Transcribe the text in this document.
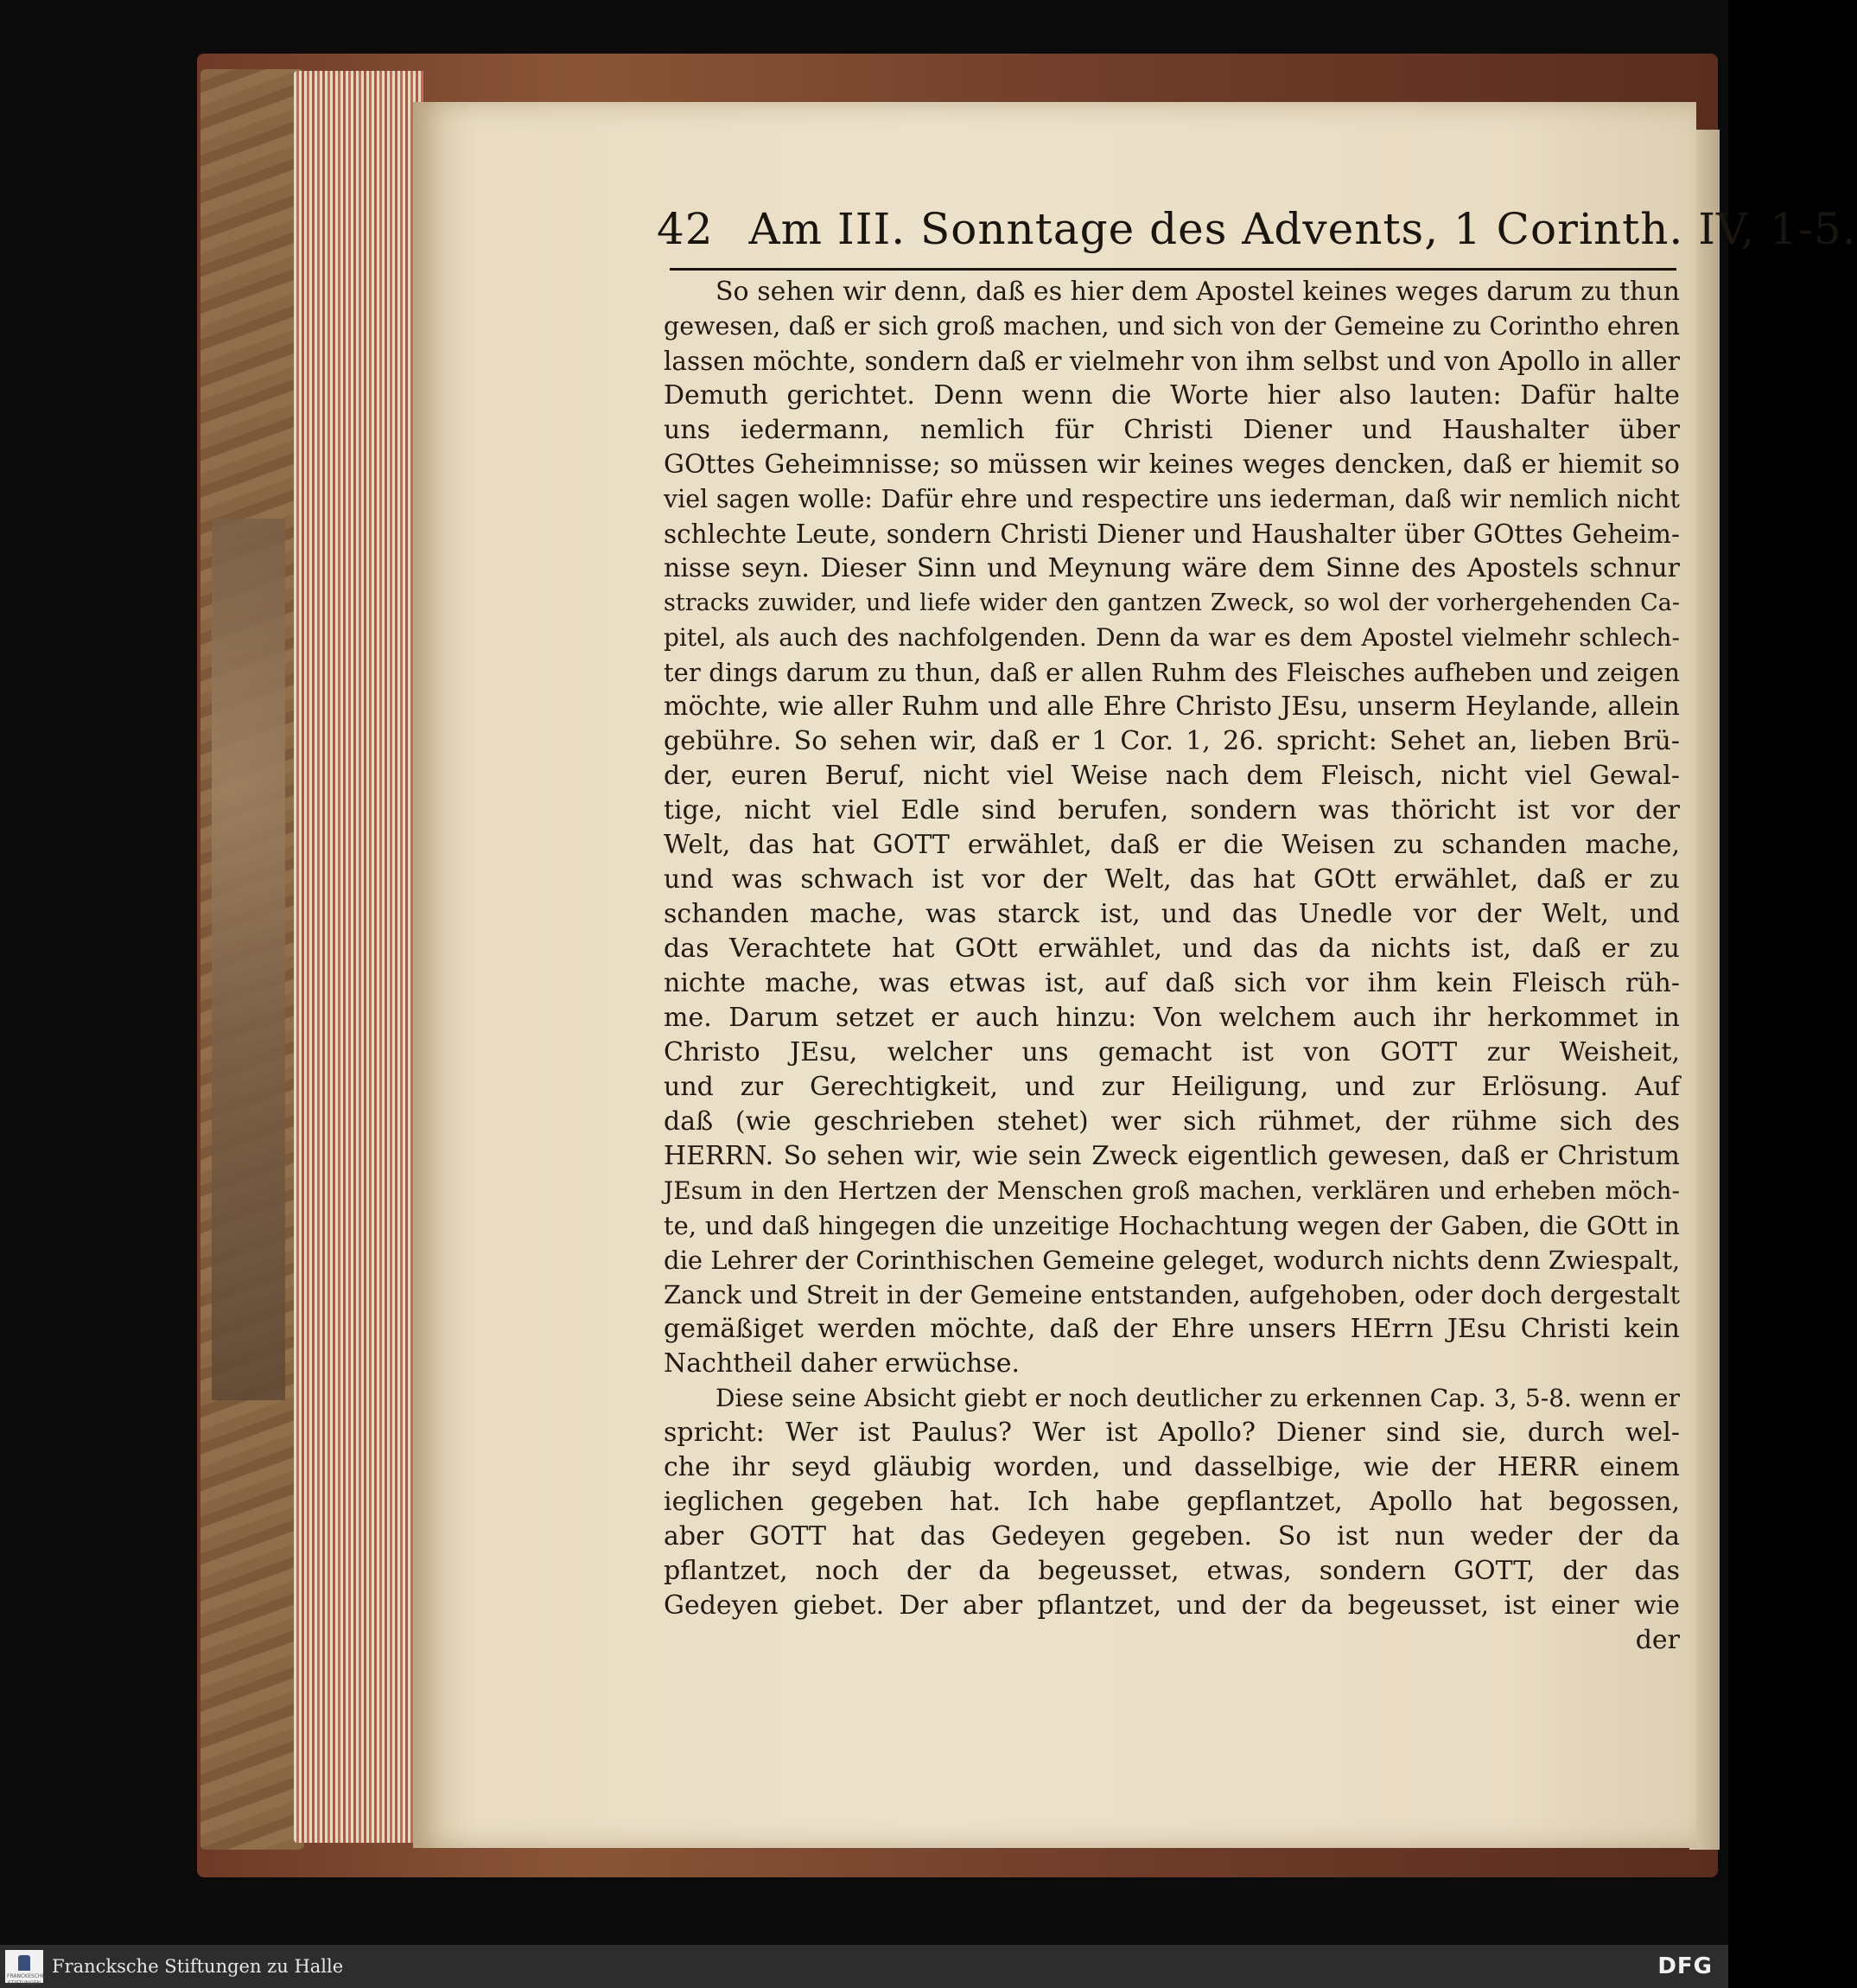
42 Am III. Sonntage des Advents, 1 Corinth. IV, 1-5.
So sehen wir denn, daß es hier dem Apostel keines weges darum zu thun
gewesen, daß er sich groß machen, und sich von der Gemeine zu Corintho ehren
lassen möchte, sondern daß er vielmehr von ihm selbst und von Apollo in aller
Demuth gerichtet. Denn wenn die Worte hier also lauten: Dafür halte
uns iedermann, nemlich für Christi Diener und Haushalter über
GOttes Geheimnisse; so müssen wir keines weges dencken, daß er hiemit so
viel sagen wolle: Dafür ehre und respectire uns iederman, daß wir nemlich nicht
schlechte Leute, sondern Christi Diener und Haushalter über GOttes Geheim-
nisse seyn. Dieser Sinn und Meynung wäre dem Sinne des Apostels schnur
stracks zuwider, und liefe wider den gantzen Zweck, so wol der vorhergehenden Ca-
pitel, als auch des nachfolgenden. Denn da war es dem Apostel vielmehr schlech-
ter dings darum zu thun, daß er allen Ruhm des Fleisches aufheben und zeigen
möchte, wie aller Ruhm und alle Ehre Christo JEsu, unserm Heylande, allein
gebühre. So sehen wir, daß er 1 Cor. 1, 26. spricht: Sehet an, lieben Brü-
der, euren Beruf, nicht viel Weise nach dem Fleisch, nicht viel Gewal-
tige, nicht viel Edle sind berufen, sondern was thöricht ist vor der
Welt, das hat GOTT erwählet, daß er die Weisen zu schanden mache,
und was schwach ist vor der Welt, das hat GOtt erwählet, daß er zu
schanden mache, was starck ist, und das Unedle vor der Welt, und
das Verachtete hat GOtt erwählet, und das da nichts ist, daß er zu
nichte mache, was etwas ist, auf daß sich vor ihm kein Fleisch rüh-
me. Darum setzet er auch hinzu: Von welchem auch ihr herkommet in
Christo JEsu, welcher uns gemacht ist von GOTT zur Weisheit,
und zur Gerechtigkeit, und zur Heiligung, und zur Erlösung. Auf
daß (wie geschrieben stehet) wer sich rühmet, der rühme sich des
HERRN. So sehen wir, wie sein Zweck eigentlich gewesen, daß er Christum
JEsum in den Hertzen der Menschen groß machen, verklären und erheben möch-
te, und daß hingegen die unzeitige Hochachtung wegen der Gaben, die GOtt in
die Lehrer der Corinthischen Gemeine geleget, wodurch nichts denn Zwiespalt,
Zanck und Streit in der Gemeine entstanden, aufgehoben, oder doch dergestalt
gemäßiget werden möchte, daß der Ehre unsers HErrn JEsu Christi kein
Nachtheil daher erwüchse.
Diese seine Absicht giebt er noch deutlicher zu erkennen Cap. 3, 5-8. wenn er
spricht: Wer ist Paulus? Wer ist Apollo? Diener sind sie, durch wel-
che ihr seyd gläubig worden, und dasselbige, wie der HERR einem
ieglichen gegeben hat. Ich habe gepflantzet, Apollo hat begossen,
aber GOTT hat das Gedeyen gegeben. So ist nun weder der da
pflantzet, noch der da begeusset, etwas, sondern GOTT, der das
Gedeyen giebet. Der aber pflantzet, und der da begeusset, ist einer wie
der
FRANCKESCHE STIFTUNGEN
Francksche Stiftungen zu Halle	DFG
